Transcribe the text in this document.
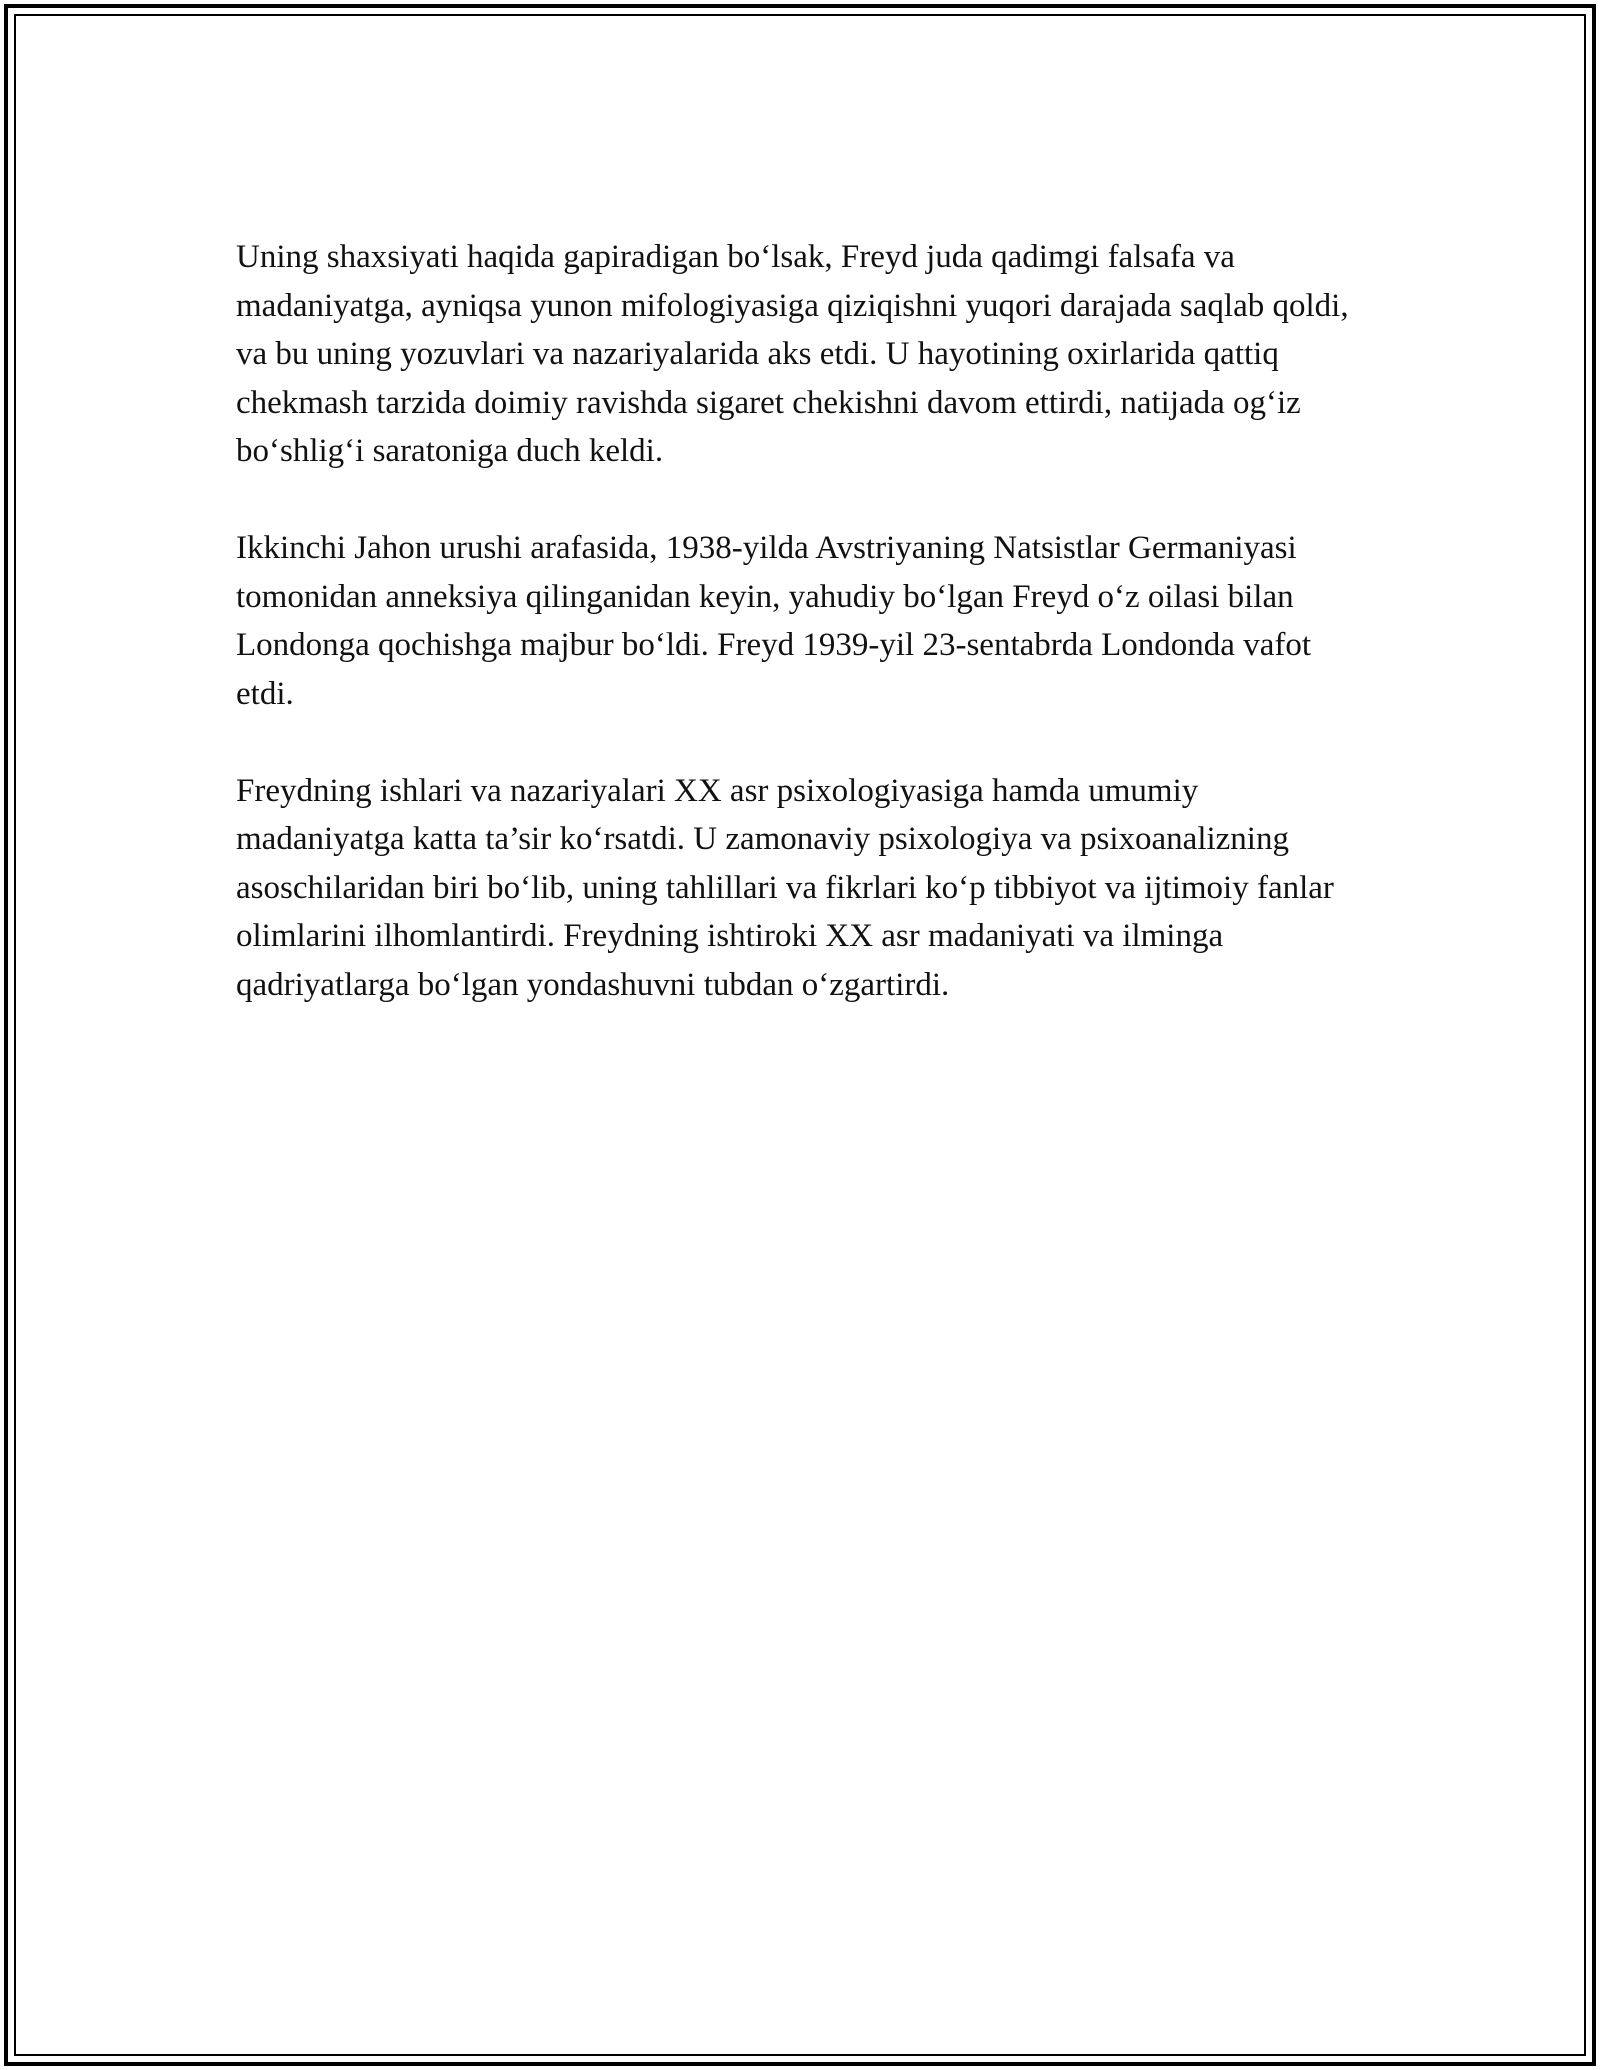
Uning shaxsiyati haqida gapiradigan bo‘lsak, Freyd juda qadimgi falsafa va madaniyatga, ayniqsa yunon mifologiyasiga qiziqishni yuqori darajada saqlab qoldi, va bu uning yozuvlari va nazariyalarida aks etdi. U hayotining oxirlarida qattiq chekmash tarzida doimiy ravishda sigaret chekishni davom ettirdi, natijada og‘iz bo‘shlig‘i saratoniga duch keldi.

Ikkinchi Jahon urushi arafasida, 1938-yilda Avstriyaning Natsistlar Germaniyasi tomonidan anneksiya qilinganidan keyin, yahudiy bo‘lgan Freyd o‘z oilasi bilan Londonga qochishga majbur bo‘ldi. Freyd 1939-yil 23-sentabrda Londonda vafot etdi.

Freydning ishlari va nazariyalari XX asr psixologiyasiga hamda umumiy madaniyatga katta ta’sir ko‘rsatdi. U zamonaviy psixologiya va psixoanalizning asoschilaridan biri bo‘lib, uning tahlillari va fikrlari ko‘p tibbiyot va ijtimoiy fanlar olimlarini ilhomlantirdi. Freydning ishtiroki XX asr madaniyati va ilminga qadriyatlarga bo‘lgan yondashuvni tubdan o‘zgartirdi.
